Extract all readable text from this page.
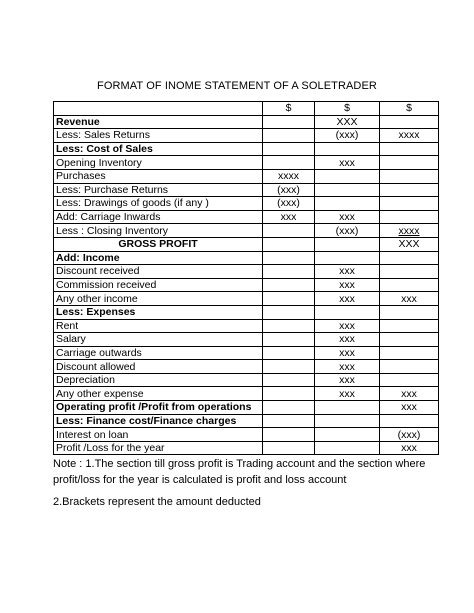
FORMAT OF INOME STATEMENT OF A SOLETRADER
	$	$	$
Revenue		XXX	
Less: Sales Returns		(xxx)	xxxx
Less: Cost of Sales			
Opening Inventory		xxx	
Purchases	xxxx		
Less: Purchase Returns	(xxx)		
Less: Drawings of goods (if any )	(xxx)		
Add: Carriage Inwards	xxx	xxx	
Less : Closing Inventory		(xxx)	xxxx
GROSS PROFIT			XXX
Add: Income			
Discount received		xxx	
Commission received		xxx	
Any other income		xxx	xxx
Less: Expenses			
Rent		xxx	
Salary		xxx	
Carriage outwards		xxx	
Discount allowed		xxx	
Depreciation		xxx	
Any other expense		xxx	xxx
Operating profit /Profit from operations			xxx
Less: Finance cost/Finance charges			
Interest on loan			(xxx)
Profit /Loss for the year			xxx
Note : 1.The section till gross profit is Trading account and the section where
profit/loss for the year is calculated is profit and loss account
2.Brackets represent the amount deducted
